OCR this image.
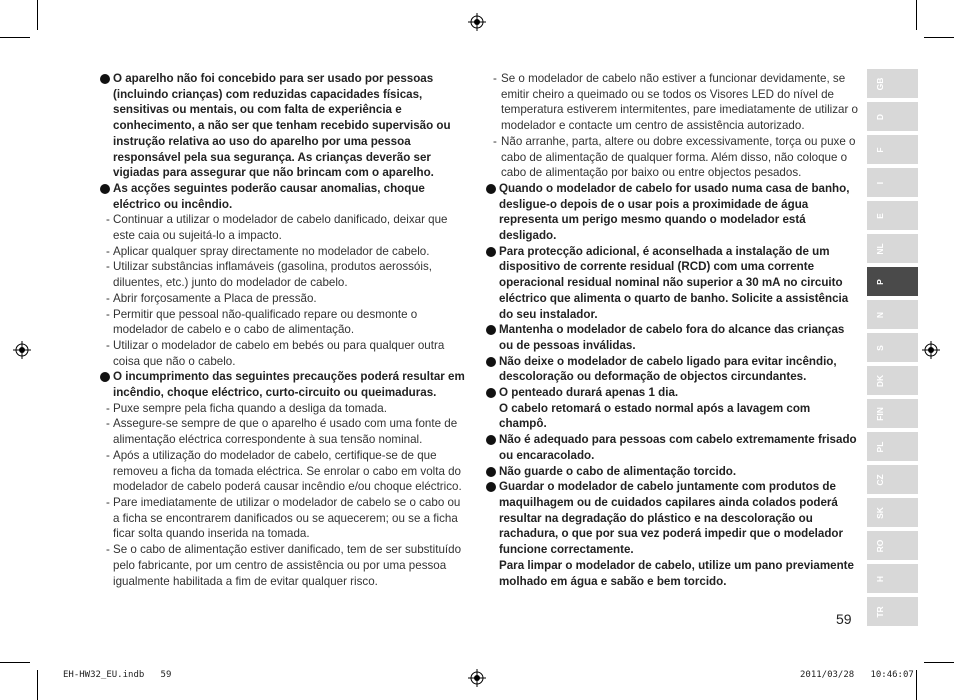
O aparelho não foi concebido para ser usado por pessoas (incluindo crianças) com reduzidas capacidades físicas, sensitivas ou mentais, ou com falta de experiência e conhecimento, a não ser que tenham recebido supervisão ou instrução relativa ao uso do aparelho por uma pessoa responsável pela sua segurança. As crianças deverão ser vigiadas para assegurar que não brincam com o aparelho.

As acções seguintes poderão causar anomalias, choque eléctrico ou incêndio.

- Continuar a utilizar o modelador de cabelo danificado, deixar que este caia ou sujeitá-lo a impacto.

- Aplicar qualquer spray directamente no modelador de cabelo.

- Utilizar substâncias inflamáveis (gasolina, produtos aerossóis, diluentes, etc.) junto do modelador de cabelo.

- Abrir forçosamente a Placa de pressão.

- Permitir que pessoal não-qualificado repare ou desmonte o modelador de cabelo e o cabo de alimentação.

- Utilizar o modelador de cabelo em bebés ou para qualquer outra coisa que não o cabelo.

O incumprimento das seguintes precauções poderá resultar em incêndio, choque eléctrico, curto-circuito ou queimaduras.

- Puxe sempre pela ficha quando a desliga da tomada.

- Assegure-se sempre de que o aparelho é usado com uma fonte de alimentação eléctrica correspondente à sua tensão nominal.

- Após a utilização do modelador de cabelo, certifique-se de que removeu a ficha da tomada eléctrica. Se enrolar o cabo em volta do modelador de cabelo poderá causar incêndio e/ou choque eléctrico.

- Pare imediatamente de utilizar o modelador de cabelo se o cabo ou a ficha se encontrarem danificados ou se aquecerem; ou se a ficha ficar solta quando inserida na tomada.

- Se o cabo de alimentação estiver danificado, tem de ser substituído pelo fabricante, por um centro de assistência ou por uma pessoa igualmente habilitada a fim de evitar qualquer risco.

- Se o modelador de cabelo não estiver a funcionar devidamente, se emitir cheiro a queimado ou se todos os Visores LED do nível de temperatura estiverem intermitentes, pare imediatamente de utilizar o modelador e contacte um centro de assistência autorizado.

- Não arranhe, parta, altere ou dobre excessivamente, torça ou puxe o cabo de alimentação de qualquer forma. Além disso, não coloque o cabo de alimentação por baixo ou entre objectos pesados.

Quando o modelador de cabelo for usado numa casa de banho, desligue-o depois de o usar pois a proximidade de água representa um perigo mesmo quando o modelador está desligado.

Para protecção adicional, é aconselhada a instalação de um dispositivo de corrente residual (RCD) com uma corrente operacional residual nominal não superior a 30 mA no circuito eléctrico que alimenta o quarto de banho. Solicite a assistência do seu instalador.

Mantenha o modelador de cabelo fora do alcance das crianças ou de pessoas inválidas.

Não deixe o modelador de cabelo ligado para evitar incêndio, descoloração ou deformação de objectos circundantes.

O penteado durará apenas 1 dia.
O cabelo retomará o estado normal após a lavagem com champô.

Não é adequado para pessoas com cabelo extremamente frisado ou encaracolado.

Não guarde o cabo de alimentação torcido.

Guardar o modelador de cabelo juntamente com produtos de maquilhagem ou de cuidados capilares ainda colados poderá resultar na degradação do plástico e na descoloração ou rachadura, o que por sua vez poderá impedir que o modelador funcione correctamente.
Para limpar o modelador de cabelo, utilize um pano previamente molhado em água e sabão e bem torcido.

GB
D
F
I
E
NL
P
N
S
DK
FIN
PL
CZ
SK
RO
H
TR
59
EH-HW32_EU.indb   59	2011/03/28   10:46:07
